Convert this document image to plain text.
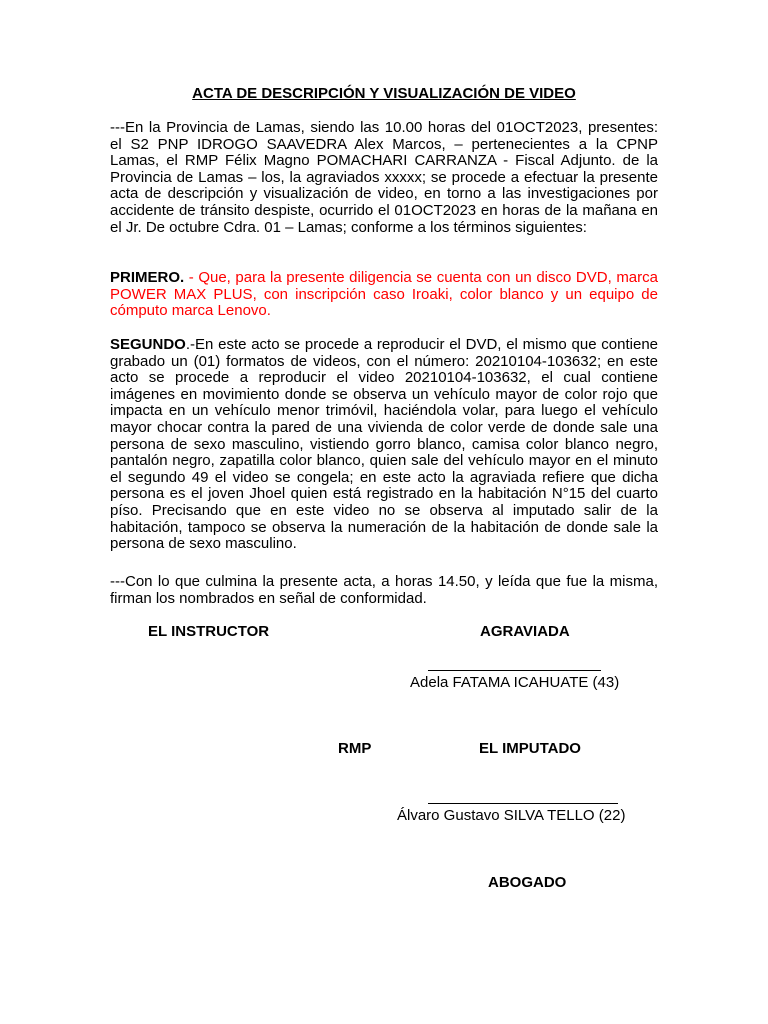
ACTA DE DESCRIPCIÓN Y VISUALIZACIÓN DE VIDEO

---En la Provincia de Lamas, siendo las 10.00 horas del 01OCT2023, presentes: el S2 PNP IDROGO SAAVEDRA Alex Marcos, – pertenecientes a la CPNP Lamas, el RMP Félix Magno POMACHARI CARRANZA - Fiscal Adjunto. de la Provincia de Lamas – los, la agraviados xxxxx; se procede a efectuar la presente acta de descripción y visualización de video, en torno a las investigaciones por accidente de tránsito despiste, ocurrido el 01OCT2023 en horas de la mañana en el Jr. De octubre Cdra. 01 – Lamas; conforme a los términos siguientes:

PRIMERO. - Que, para la presente diligencia se cuenta con un disco DVD, marca POWER MAX PLUS, con inscripción caso Iroaki, color blanco y un equipo de cómputo marca Lenovo.

SEGUNDO.-En este acto se procede a reproducir el DVD, el mismo que contiene grabado un (01) formatos de videos, con el número: 20210104-103632; en este acto se procede a reproducir el video 20210104-103632, el cual contiene imágenes en movimiento donde se observa un vehículo mayor de color rojo que impacta en un vehículo menor trimóvil, haciéndola volar, para luego el vehículo mayor chocar contra la pared de una vivienda de color verde de donde sale una persona de sexo masculino, vistiendo gorro blanco, camisa color blanco negro, pantalón negro, zapatilla color blanco, quien sale del vehículo mayor en el minuto el segundo 49 el video se congela; en este acto la agraviada refiere que dicha persona es el joven Jhoel quien está registrado en la habitación N°15 del cuarto píso. Precisando que en este video no se observa al imputado salir de la habitación, tampoco se observa la numeración de la habitación de donde sale la persona de sexo masculino.

---Con lo que culmina la presente acta, a horas 14.50, y leída que fue la misma, firman los nombrados en señal de conformidad.

EL INSTRUCTOR	AGRAVIADA
Adela FATAMA ICAHUATE (43)
RMP	EL IMPUTADO
Álvaro Gustavo SILVA TELLO (22)
ABOGADO
